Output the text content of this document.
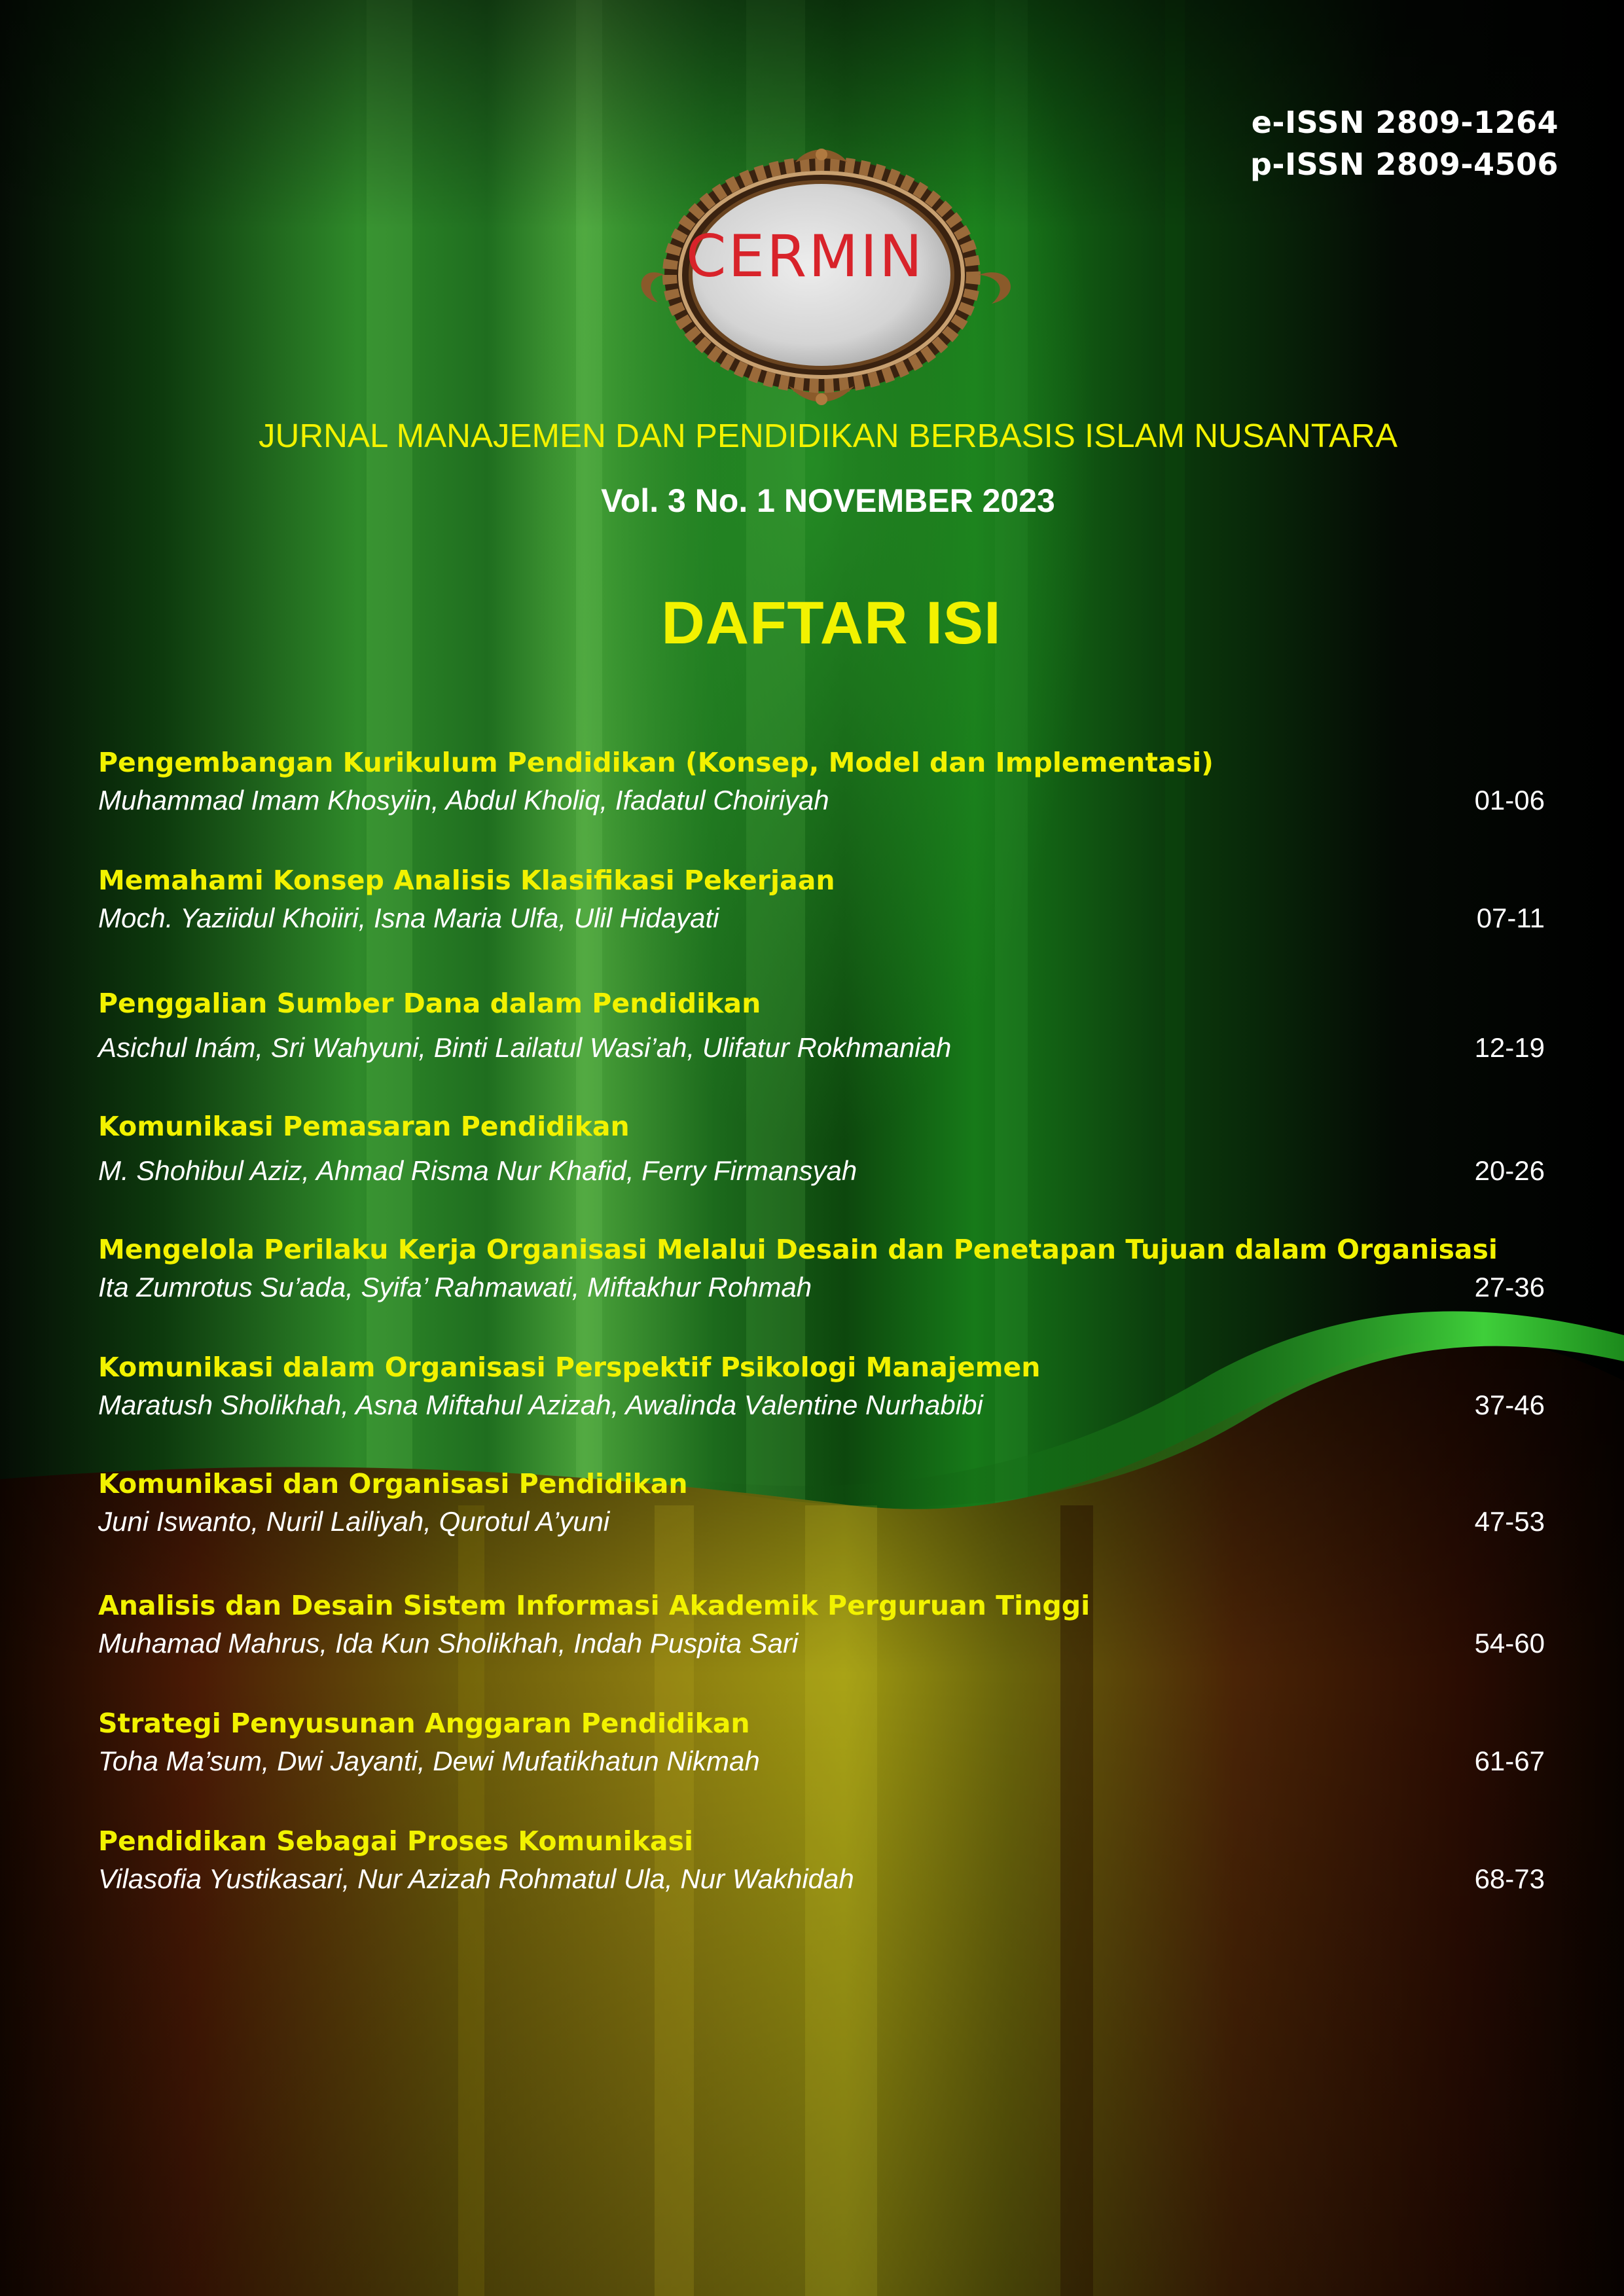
e-ISSN 2809-1264
p-ISSN 2809-4506
CERMIN
JURNAL MANAJEMEN DAN PENDIDIKAN BERBASIS ISLAM NUSANTARA
Vol. 3 No. 1 NOVEMBER 2023
DAFTAR ISI
Pengembangan Kurikulum Pendidikan (Konsep, Model dan Implementasi)
Muhammad Imam Khosyiin, Abdul Kholiq, Ifadatul Choiriyah	01-06
Memahami Konsep Analisis Klasifikasi Pekerjaan
Moch. Yaziidul Khoiiri, Isna Maria Ulfa, Ulil Hidayati	07-11
Penggalian Sumber Dana dalam Pendidikan
Asichul Inám, Sri Wahyuni, Binti Lailatul Wasi’ah, Ulifatur Rokhmaniah	12-19
Komunikasi Pemasaran Pendidikan
M. Shohibul Aziz, Ahmad Risma Nur Khafid, Ferry Firmansyah	20-26
Mengelola Perilaku Kerja Organisasi Melalui Desain dan Penetapan Tujuan dalam Organisasi
Ita Zumrotus Su’ada, Syifa’ Rahmawati, Miftakhur Rohmah	27-36
Komunikasi dalam Organisasi Perspektif Psikologi Manajemen
Maratush Sholikhah, Asna Miftahul Azizah, Awalinda Valentine Nurhabibi	37-46
Komunikasi dan Organisasi Pendidikan
Juni Iswanto, Nuril Lailiyah, Qurotul A’yuni	47-53
Analisis dan Desain Sistem Informasi Akademik Perguruan Tinggi
Muhamad Mahrus, Ida Kun Sholikhah, Indah Puspita Sari	54-60
Strategi Penyusunan Anggaran Pendidikan
Toha Ma’sum, Dwi Jayanti, Dewi Mufatikhatun Nikmah	61-67
Pendidikan Sebagai Proses Komunikasi
Vilasofia Yustikasari, Nur Azizah Rohmatul Ula, Nur Wakhidah	68-73
